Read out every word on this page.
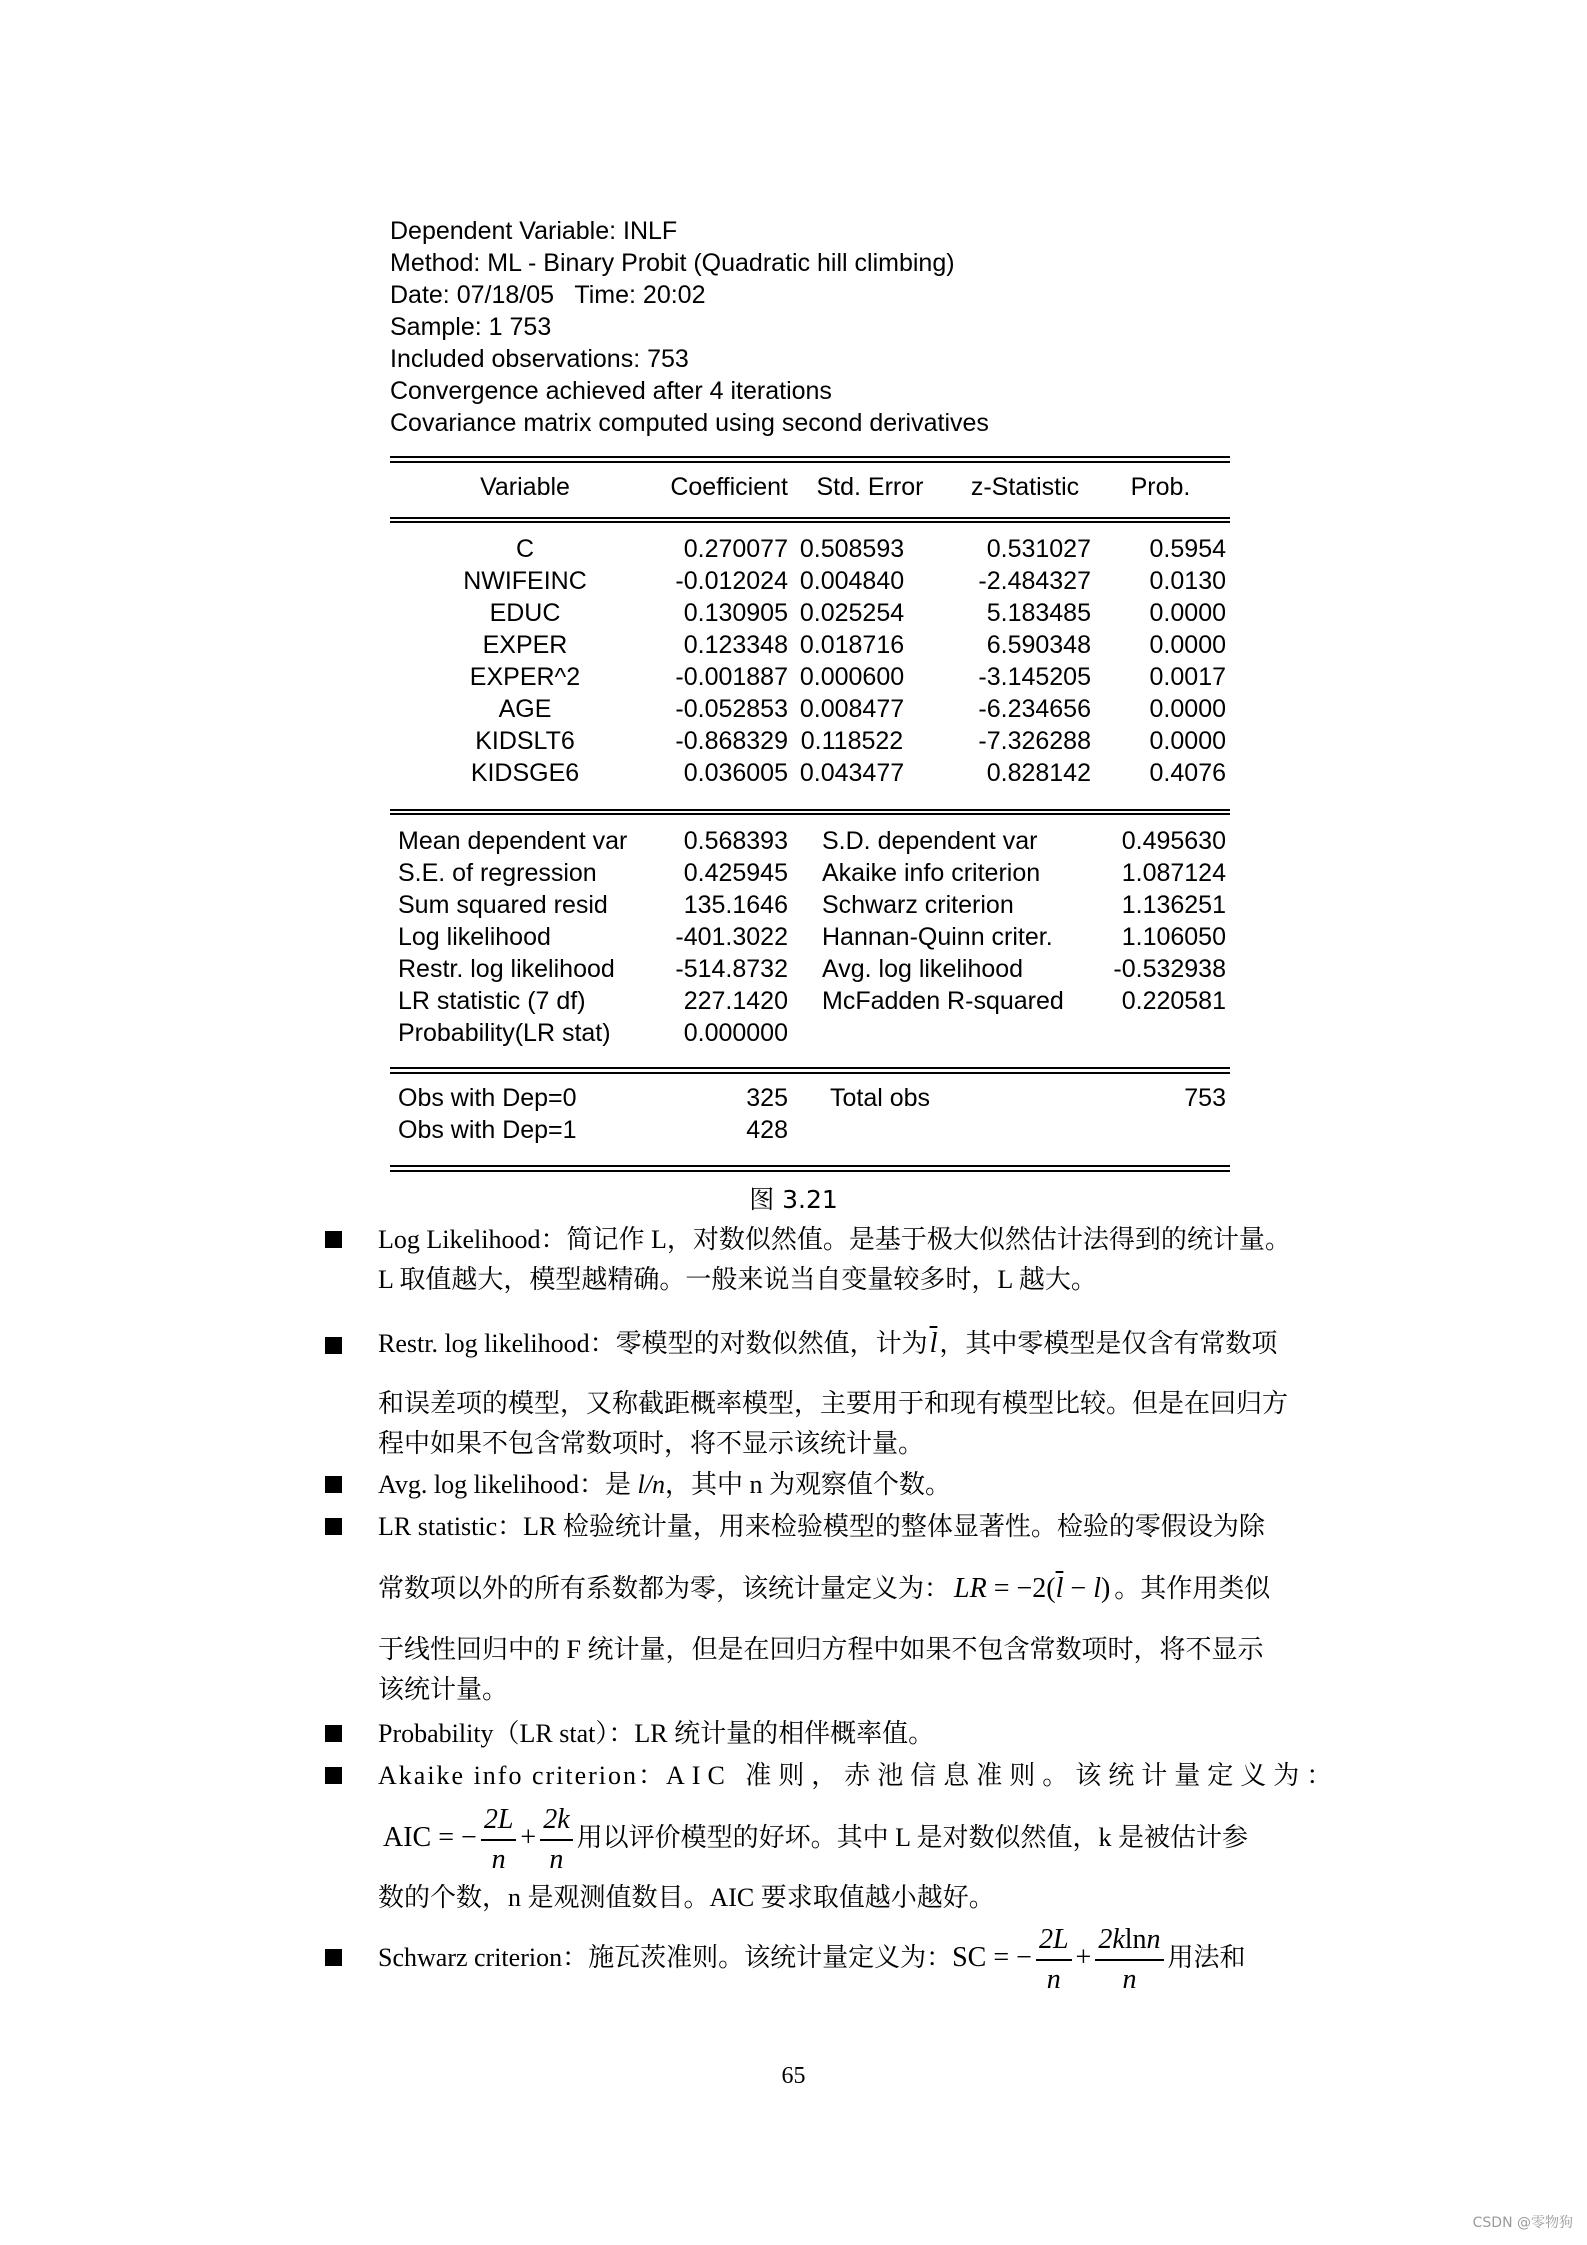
Dependent Variable: INLF
Method: ML - Binary Probit (Quadratic hill climbing)
Date: 07/18/05   Time: 20:02
Sample: 1 753
Included observations: 753
Convergence achieved after 4 iterations
Covariance matrix computed using second derivatives
Variable	Coefficient	Std. Error	z-Statistic	Prob.
C	0.270077 0.508593	0.531027	0.5954
NWIFEINC	-0.012024 0.004840	-2.484327	0.0130
EDUC	0.130905 0.025254	5.183485	0.0000
EXPER	0.123348 0.018716	6.590348	0.0000
EXPER^2	-0.001887 0.000600	-3.145205	0.0017
AGE	-0.052853 0.008477	-6.234656	0.0000
KIDSLT6	-0.868329 0.118522	-7.326288	0.0000
KIDSGE6	0.036005 0.043477	0.828142	0.4076
Mean dependent var	0.568393 S.D. dependent var	0.495630
S.E. of regression	0.425945 Akaike info criterion	1.087124
Sum squared resid	135.1646 Schwarz criterion	1.136251
Log likelihood	-401.3022 Hannan-Quinn criter.	1.106050
Restr. log likelihood	-514.8732 Avg. log likelihood	-0.532938
LR statistic (7 df)	227.1420 McFadden R-squared	0.220581
Probability(LR stat)	0.000000
Obs with Dep=0	325 Total obs	753
Obs with Dep=1	428
图 3.21
Log Likelihood：简记作 L，对数似然值。是基于极大似然估计法得到的统计量。
L 取值越大，模型越精确。一般来说当自变量较多时，L 越大。
Restr. log likelihood：零模型的对数似然值，计为$\overline{l}$，其中零模型是仅含有常数项
和误差项的模型，又称截距概率模型，主要用于和现有模型比较。但是在回归方
程中如果不包含常数项时，将不显示该统计量。
Avg. log likelihood：是 l/n，其中 n 为观察值个数。
LR statistic：LR 检验统计量，用来检验模型的整体显著性。检验的零假设为除
常数项以外的所有系数都为零，该统计量定义为： LR = $-2(\overline{l} - l)$ 。其作用类似
于线性回归中的 F 统计量，但是在回归方程中如果不包含常数项时，将不显示
该统计量。
Probability（LR stat）：LR 统计量的相伴概率值。
Akaike info criterion：AIC 准则，赤池信息准则。该统计量定义为：
AIC = − $\frac{2L}{n} + \frac{2k}{n}$ 用以评价模型的好坏。其中 L 是对数似然值，k 是被估计参
数的个数，n 是观测值数目。AIC 要求取值越小越好。
Schwarz criterion：施瓦茨准则。该统计量定义为：SC = − $\frac{2L}{n} + \frac{2klnn}{n}$ 用法和
65
CSDN @零物狗
